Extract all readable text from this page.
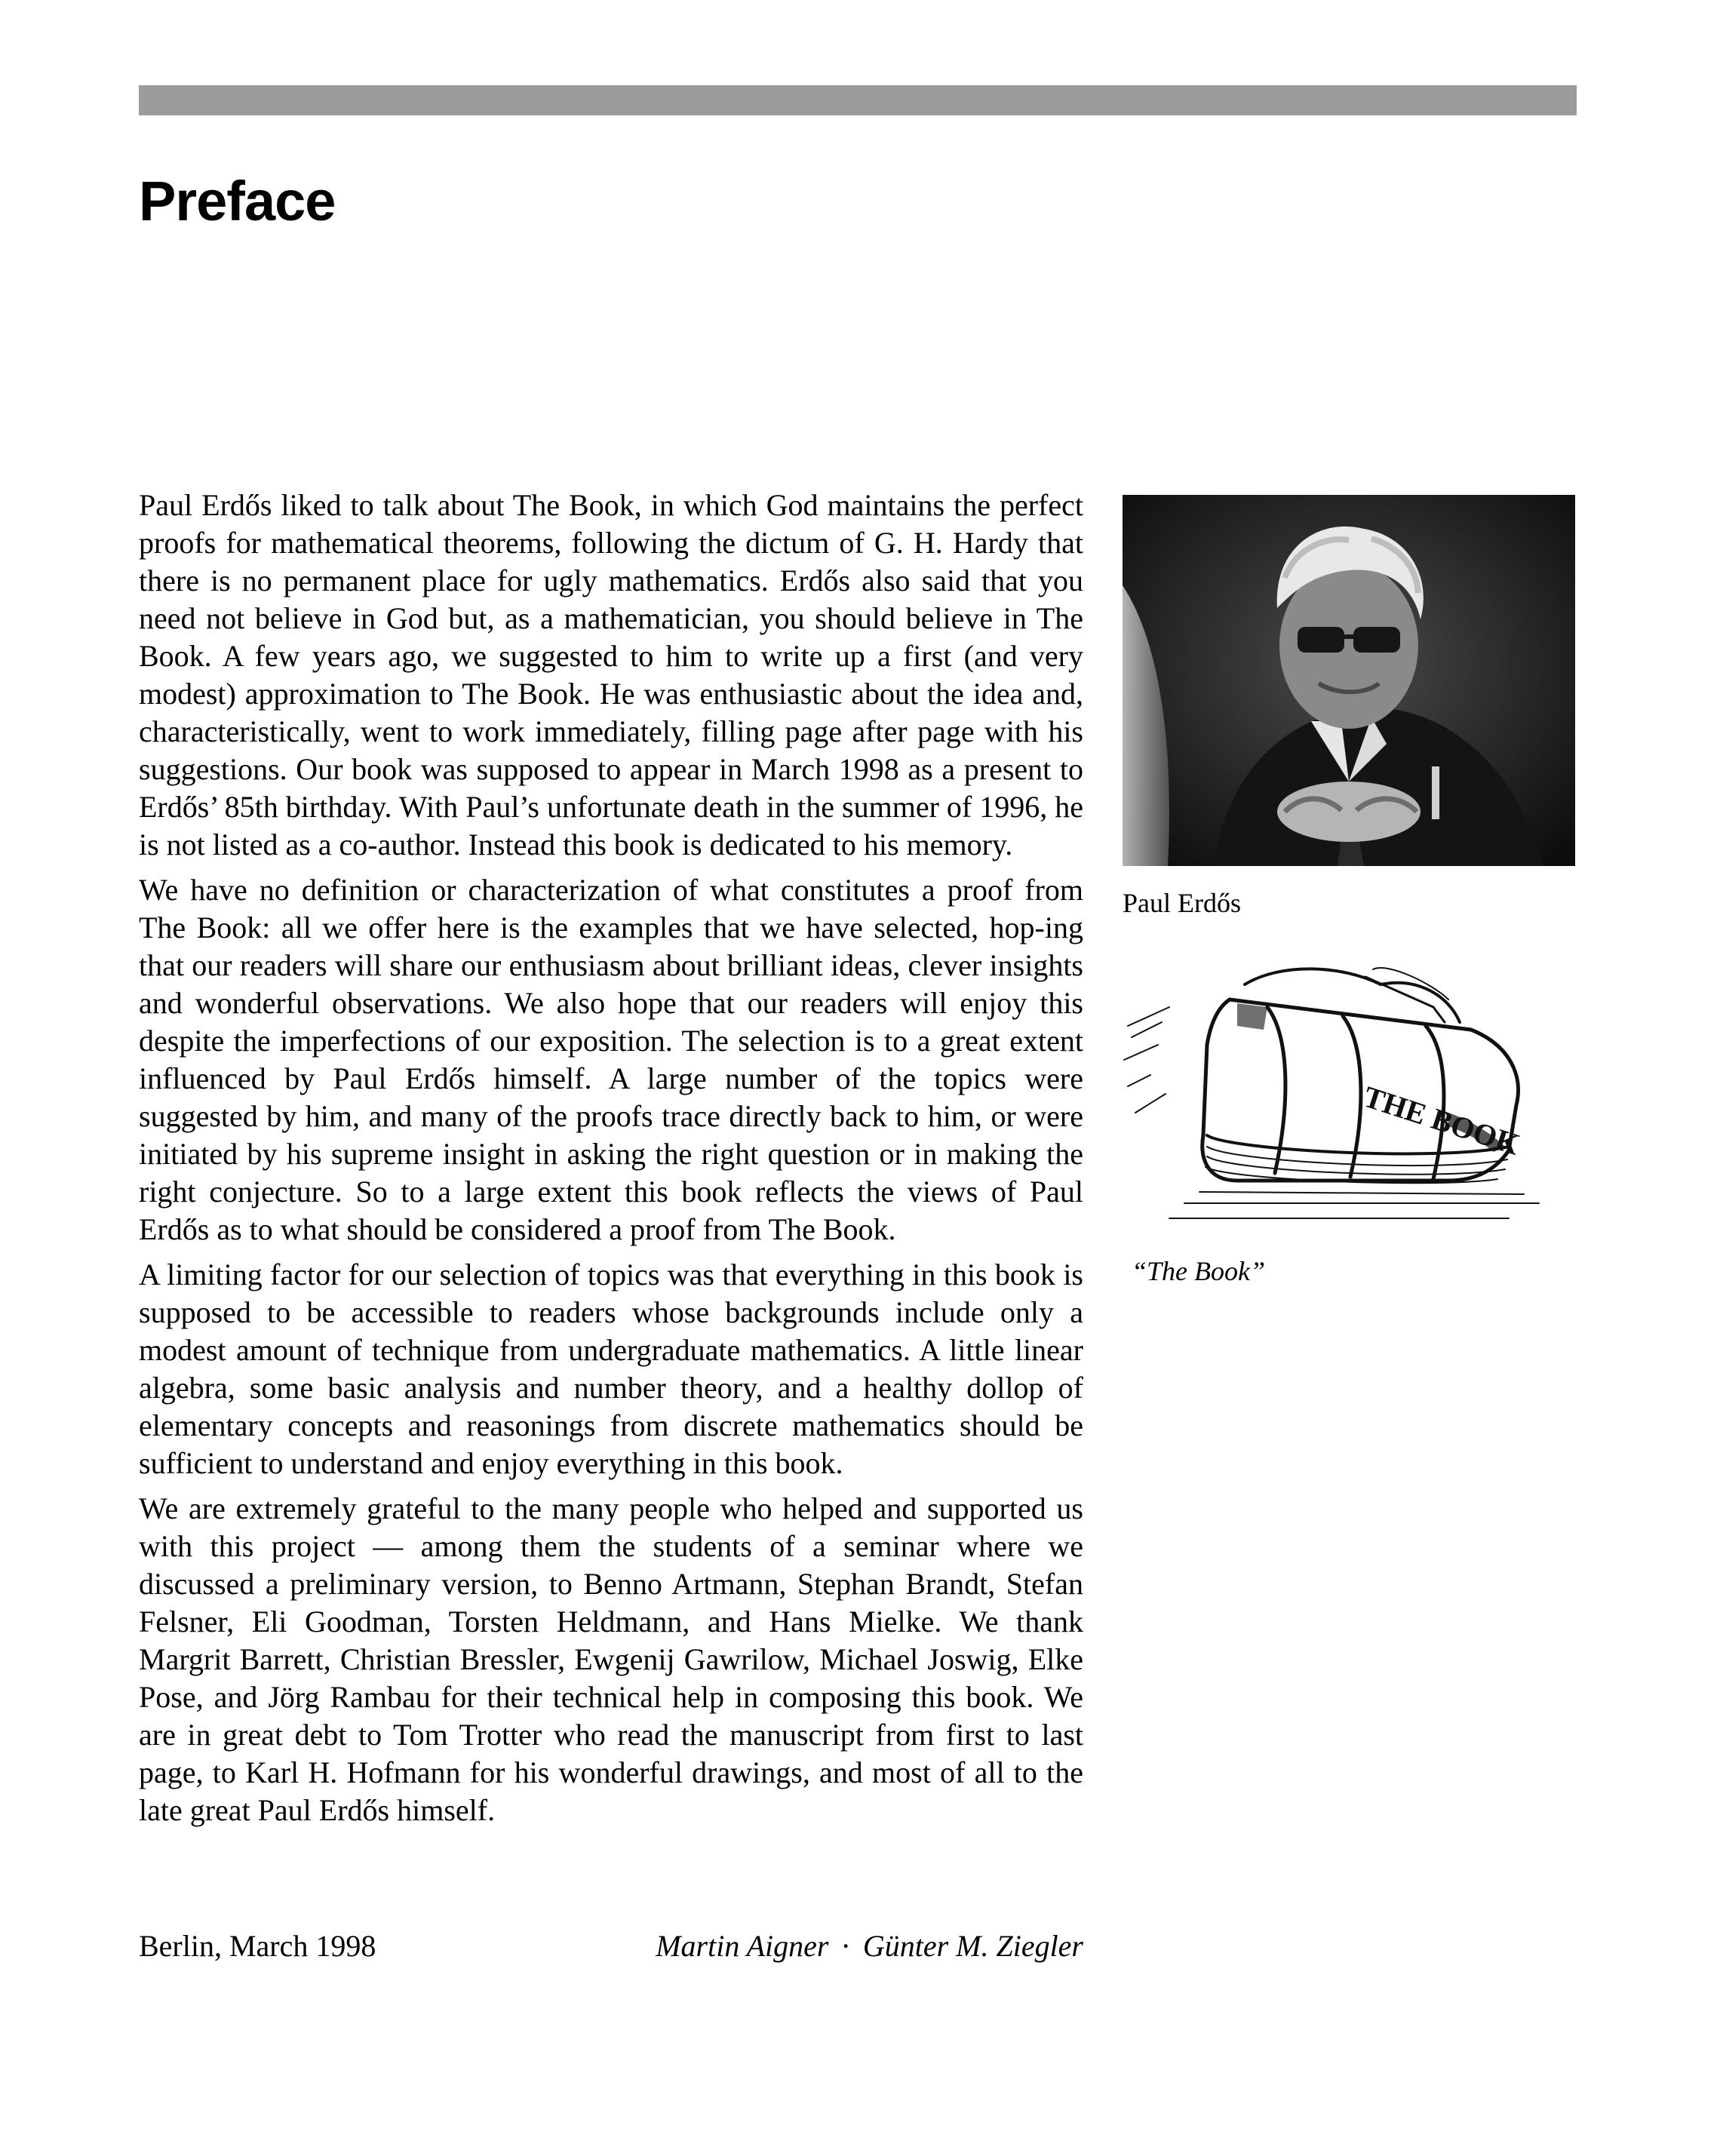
Preface

Paul Erdős liked to talk about The Book, in which God maintains the perfect proofs for mathematical theorems, following the dictum of G. H. Hardy that there is no permanent place for ugly mathematics. Erdős also said that you need not believe in God but, as a mathematician, you should believe in The Book. A few years ago, we suggested to him to write up a first (and very modest) approximation to The Book. He was enthusiastic about the idea and, characteristically, went to work immediately, filling page after page with his suggestions. Our book was supposed to appear in March 1998 as a present to Erdős’ 85th birthday. With Paul’s unfortunate death in the summer of 1996, he is not listed as a co-author. Instead this book is dedicated to his memory.

We have no definition or characterization of what constitutes a proof from The Book: all we offer here is the examples that we have selected, hop-ing that our readers will share our enthusiasm about brilliant ideas, clever insights and wonderful observations. We also hope that our readers will enjoy this despite the imperfections of our exposition. The selection is to a great extent influenced by Paul Erdős himself. A large number of the topics were suggested by him, and many of the proofs trace directly back to him, or were initiated by his supreme insight in asking the right question or in making the right conjecture. So to a large extent this book reflects the views of Paul Erdős as to what should be considered a proof from The Book.

A limiting factor for our selection of topics was that everything in this book is supposed to be accessible to readers whose backgrounds include only a modest amount of technique from undergraduate mathematics. A little linear algebra, some basic analysis and number theory, and a healthy dollop of elementary concepts and reasonings from discrete mathematics should be sufficient to understand and enjoy everything in this book.

We are extremely grateful to the many people who helped and supported us with this project — among them the students of a seminar where we discussed a preliminary version, to Benno Artmann, Stephan Brandt, Stefan Felsner, Eli Goodman, Torsten Heldmann, and Hans Mielke. We thank Margrit Barrett, Christian Bressler, Ewgenij Gawrilow, Michael Joswig, Elke Pose, and Jörg Rambau for their technical help in composing this book. We are in great debt to Tom Trotter who read the manuscript from first to last page, to Karl H. Hofmann for his wonderful drawings, and most of all to the late great Paul Erdős himself.

Berlin, March 1998	Martin Aigner · Günter M. Ziegler
Paul Erdős
THE BOOK
“The Book”
